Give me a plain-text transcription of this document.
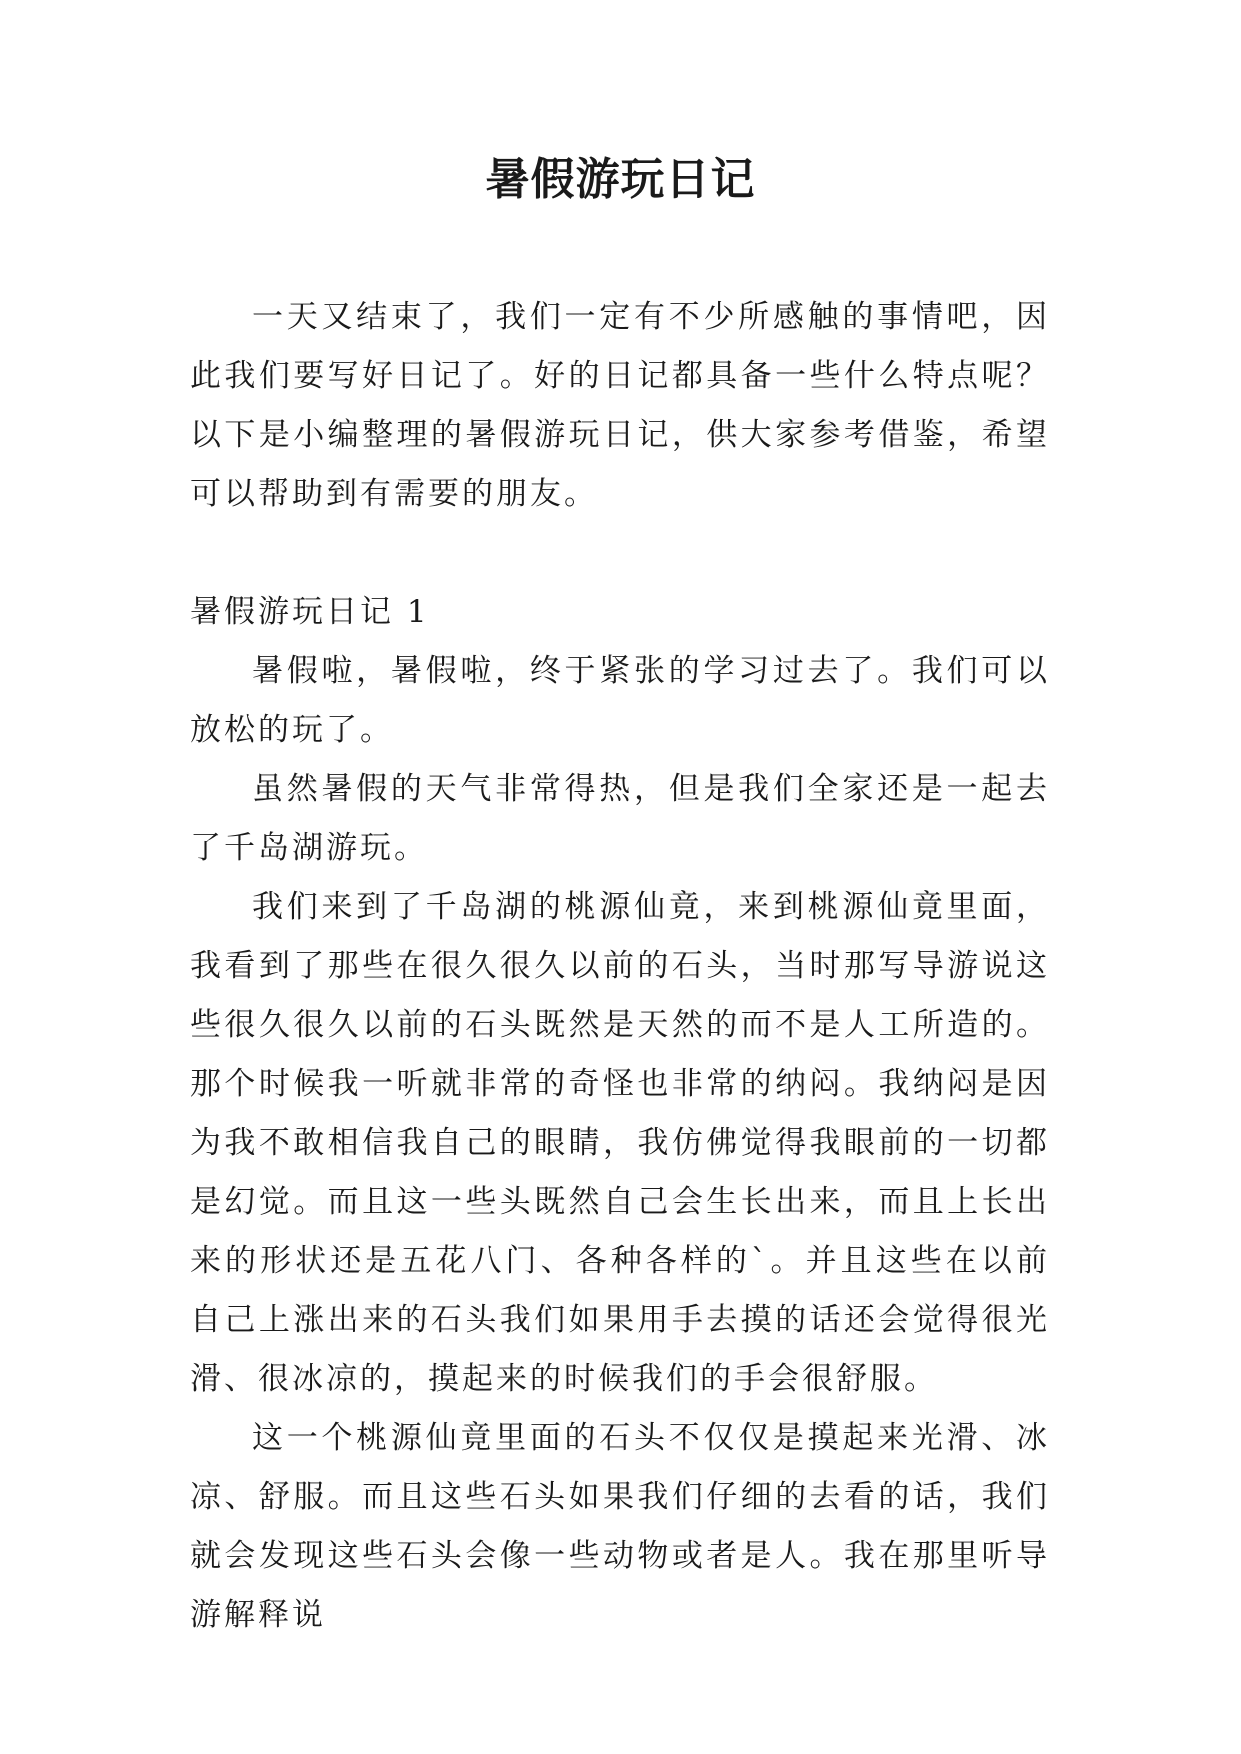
暑假游玩日记

一天又结束了，我们一定有不少所感触的事情吧，因此我们要写好日记了。好的日记都具备一些什么特点呢？以下是小编整理的暑假游玩日记，供大家参考借鉴，希望可以帮助到有需要的朋友。

暑假游玩日记 1

暑假啦，暑假啦，终于紧张的学习过去了。我们可以放松的玩了。

虽然暑假的天气非常得热，但是我们全家还是一起去了千岛湖游玩。

我们来到了千岛湖的桃源仙竟，来到桃源仙竟里面，我看到了那些在很久很久以前的石头，当时那写导游说这些很久很久以前的石头既然是天然的而不是人工所造的。那个时候我一听就非常的奇怪也非常的纳闷。我纳闷是因为我不敢相信我自己的眼睛，我仿佛觉得我眼前的一切都是幻觉。而且这一些头既然自己会生长出来，而且上长出来的形状还是五花八门、各种各样的`。并且这些在以前自己上涨出来的石头我们如果用手去摸的话还会觉得很光滑、很冰凉的，摸起来的时候我们的手会很舒服。

这一个桃源仙竟里面的石头不仅仅是摸起来光滑、冰凉、舒服。而且这些石头如果我们仔细的去看的话，我们就会发现这些石头会像一些动物或者是人。我在那里听导游解释说
